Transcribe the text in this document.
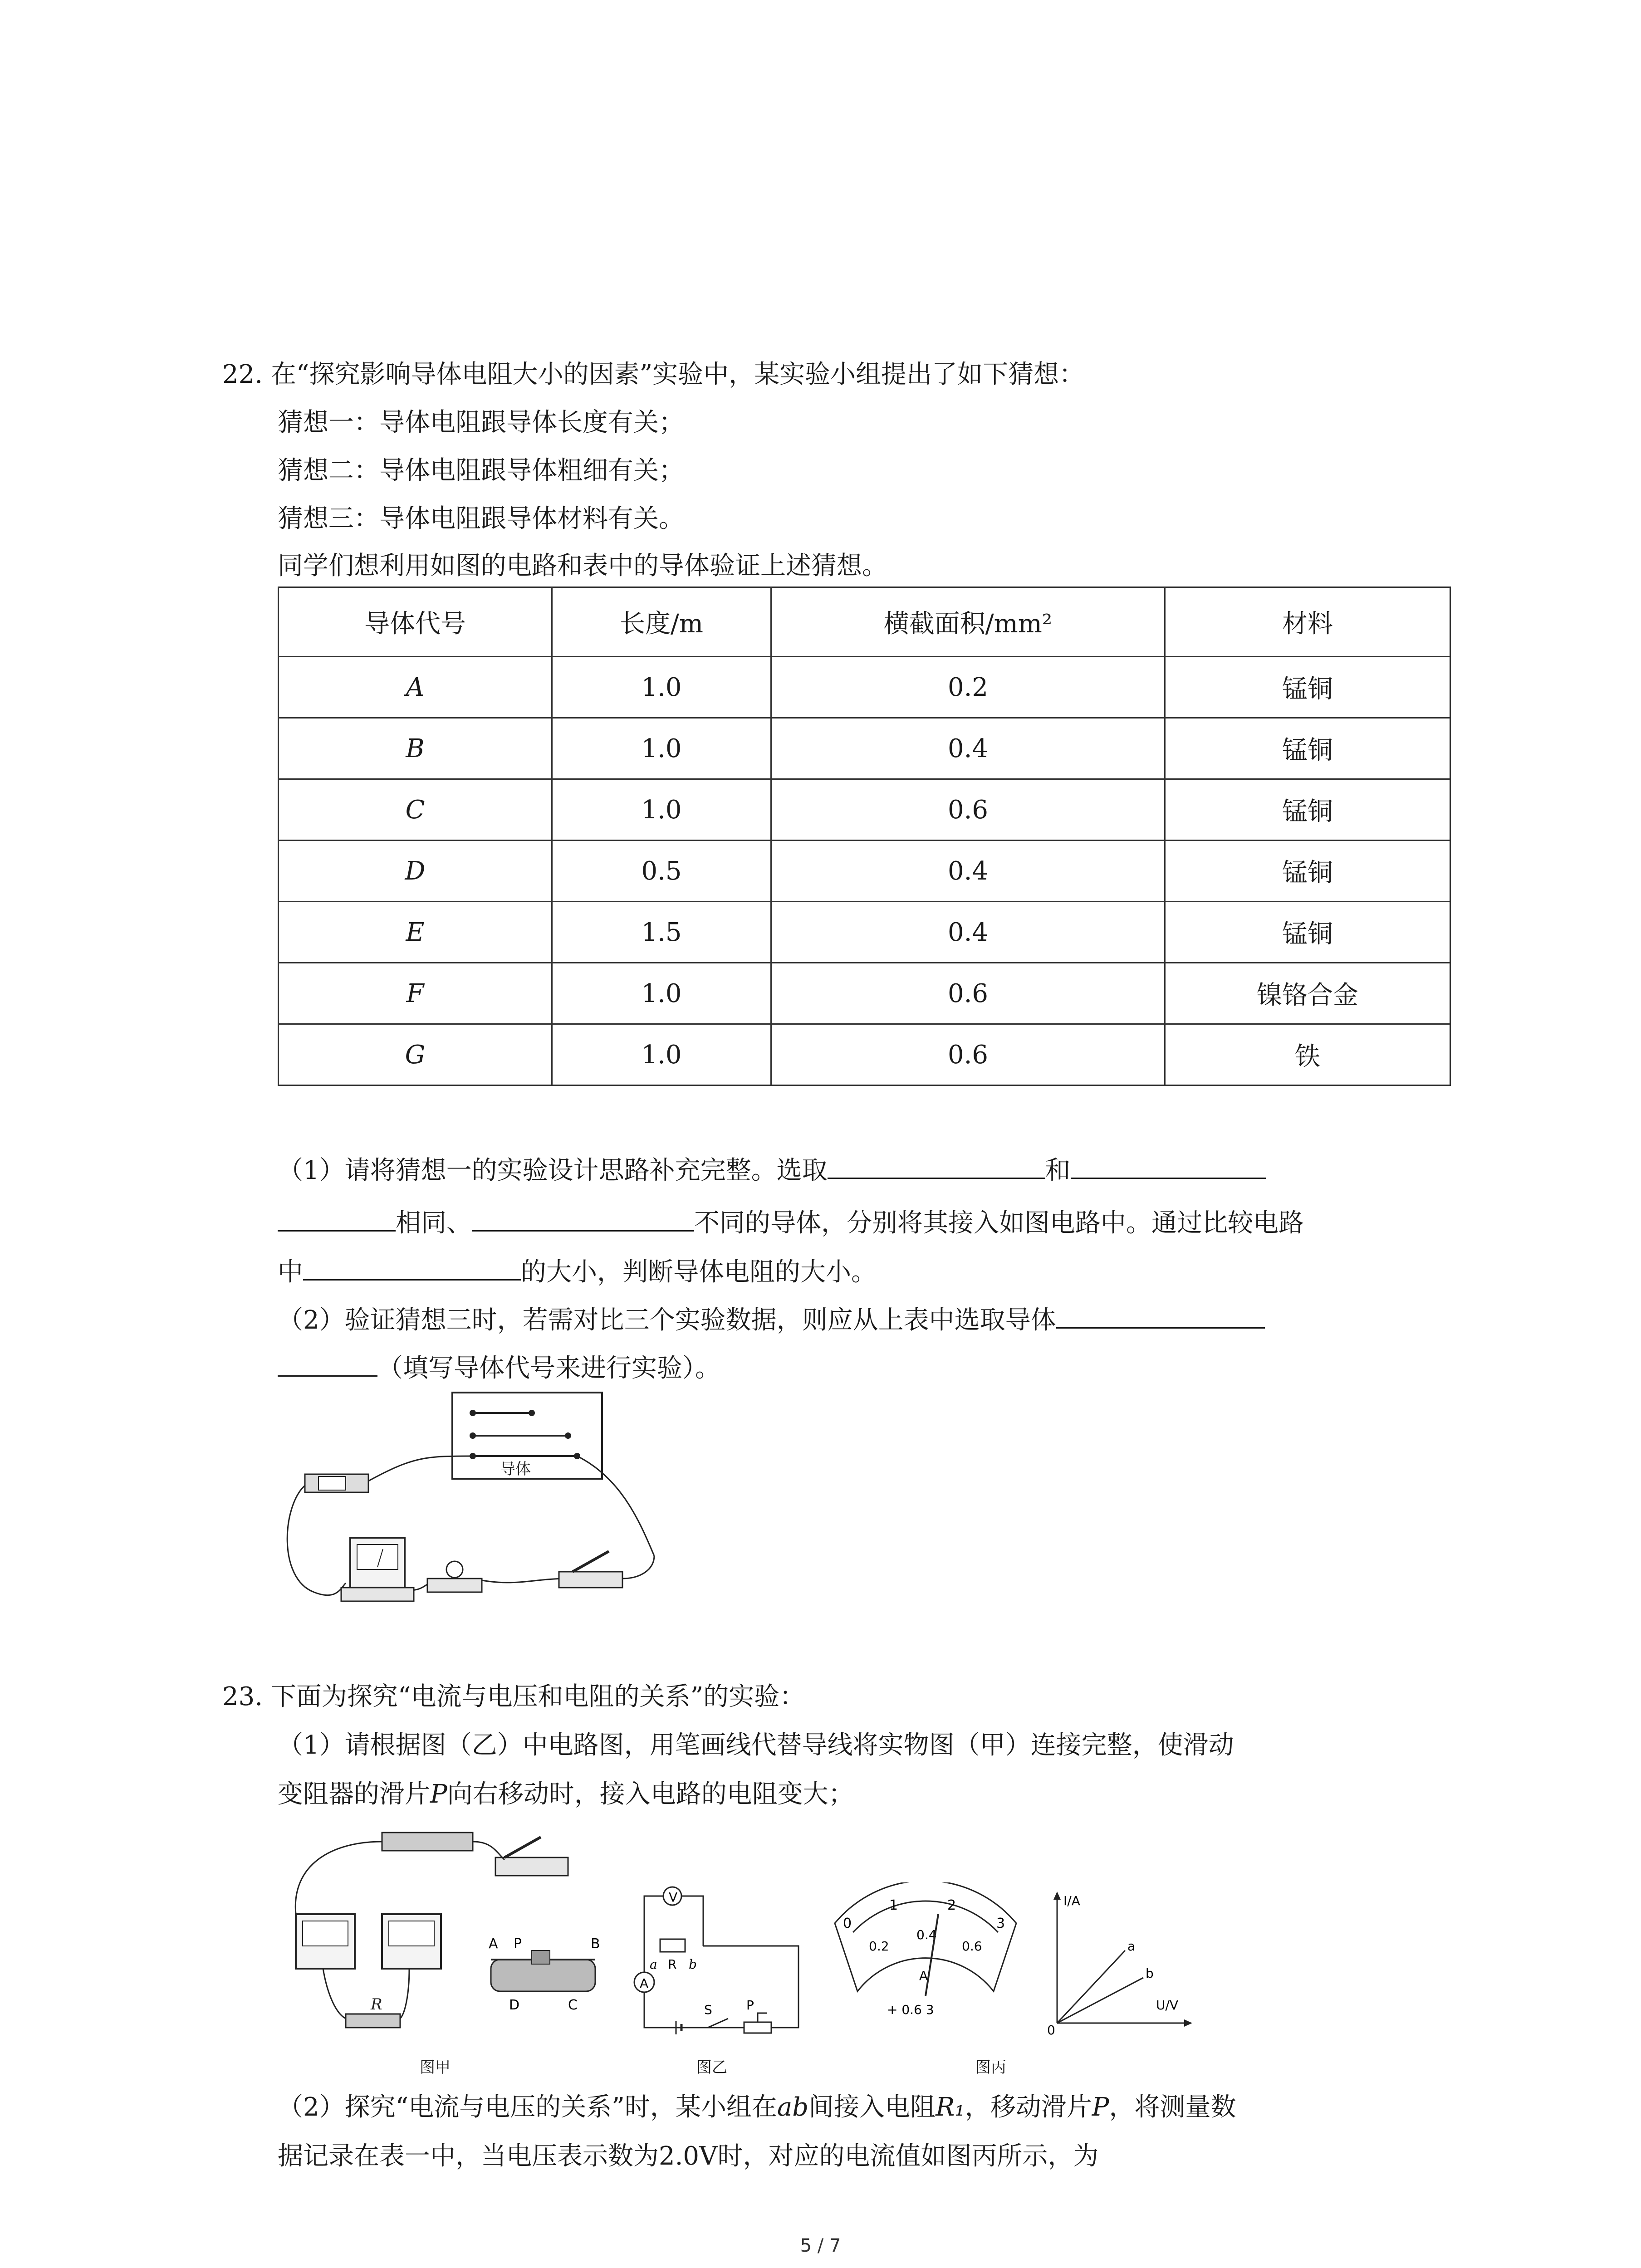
22. 在“探究影响导体电阻大小的因素”实验中，某实验小组提出了如下猜想：
猜想一：导体电阻跟导体长度有关；
猜想二：导体电阻跟导体粗细有关；
猜想三：导体电阻跟导体材料有关。
同学们想利用如图的电路和表中的导体验证上述猜想。
导体代号	长度/m	横截面积/mm²	材料
A	1.0	0.2	锰铜
B	1.0	0.4	锰铜
C	1.0	0.6	锰铜
D	0.5	0.4	锰铜
E	1.5	0.4	锰铜
F	1.0	0.6	镍铬合金
G	1.0	0.6	铁
（1）请将猜想一的实验设计思路补充完整。选取	和
相同、	不同的导体，分别将其接入如图电路中。通过比较电路
中	的大小，判断导体电阻的大小。
（2）验证猜想三时，若需对比三个实验数据，则应从上表中选取导体
（填写导体代号来进行实验）。
导体
23. 下面为探究“电流与电压和电阻的关系”的实验：
（1）请根据图（乙）中电路图，用笔画线代替导线将实物图（甲）连接完整，使滑动
变阻器的滑片P向右移动时，接入电路的电阻变大；
R
A P	B
D	C
图甲
V
R
a b
A
S	P
图乙
0
1	2
3
0.2
0.4
0.6
A
+ 0.6 3
图丙
I/A
U/V
a
b
0
（2）探究“电流与电压的关系”时，某小组在ab间接入电阻R₁，移动滑片P，将测量数
据记录在表一中，当电压表示数为2.0V时，对应的电流值如图丙所示，为
5 / 7
